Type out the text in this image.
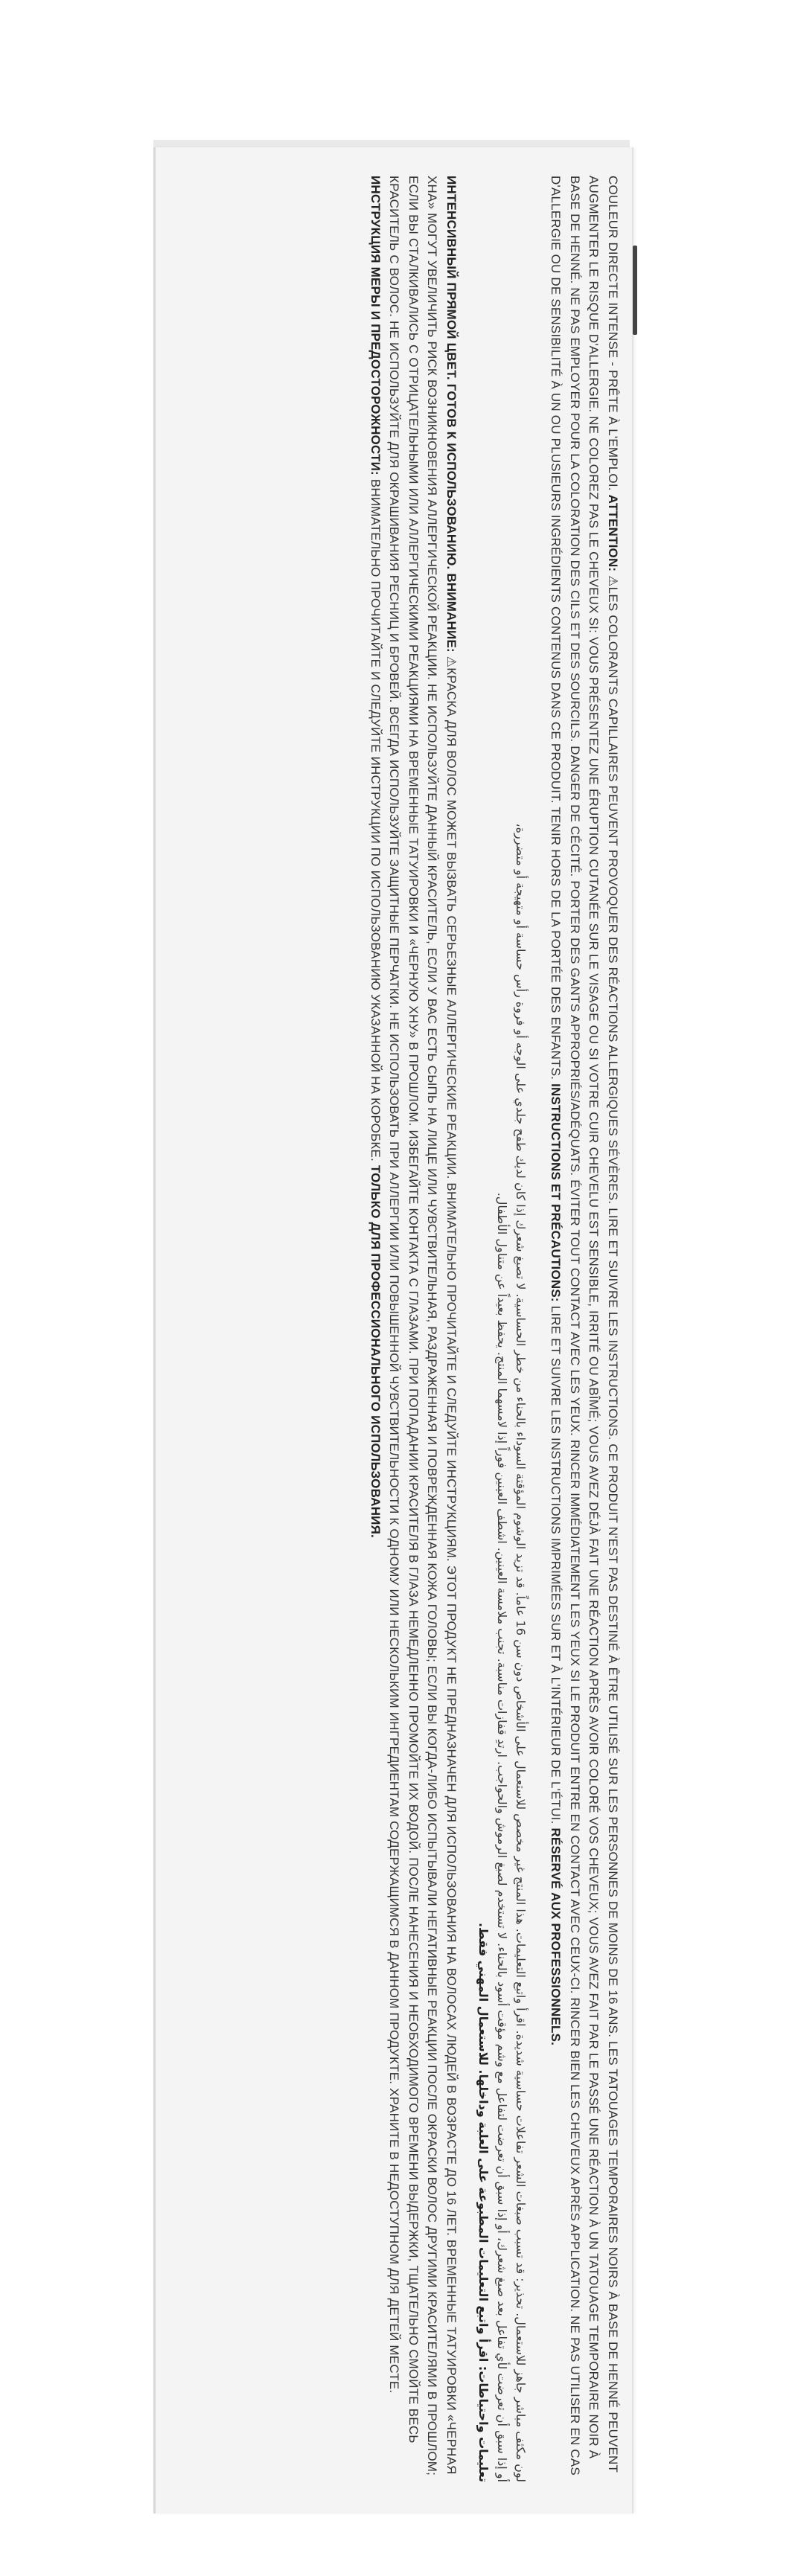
COULEUR DIRECTE INTENSE - PRÊTE À L'EMPLOI. ATTENTION: ⚠LES COLORANTS CAPILLAIRES PEUVENT PROVOQUER DES RÉACTIONS ALLERGIQUES SÉVÈRES. LIRE ET SUIVRE LES INSTRUCTIONS. CE PRODUIT N'EST PAS DESTINÉ À ÊTRE UTILISÉ SUR LES PERSONNES DE MOINS DE 16 ANS. LES TATOUAGES TEMPORAIRES NOIRS À BASE DE HENNÉ PEUVENT AUGMENTER LE RISQUE D'ALLERGIE. NE COLOREZ PAS LE CHEVEUX SI: VOUS PRÉSENTEZ UNE ÉRUPTION CUTANÉE SUR LE VISAGE OU SI VOTRE CUIR CHEVELU EST SENSIBLE, IRRITÉ OU ABÎMÉ; VOUS AVEZ DÉJÀ FAIT UNE RÉACTION APRÈS AVOIR COLORÉ VOS CHEVEUX; VOUS AVEZ FAIT PAR LE PASSÉ UNE RÉACTION À UN TATOUAGE TEMPORAIRE NOIR À BASE DE HENNÉ. NE PAS EMPLOYER POUR LA COLORATION DES CILS ET DES SOURCILS. DANGER DE CÉCITÉ. PORTER DES GANTS APPROPRIÉS/ADÉQUATS. ÉVITER TOUT CONTACT AVEC LES YEUX. RINCER IMMÉDIATEMENT LES YEUX SI LE PRODUIT ENTRE EN CONTACT AVEC CEUX-CI. RINCER BIEN LES CHEVEUX APRÈS APPLICATION. NE PAS UTILISER EN CAS D'ALLERGIE OU DE SENSIBILITÉ À UN OU PLUSIEURS INGRÉDIENTS CONTENUS DANS CE PRODUIT. TENIR HORS DE LA PORTÉE DES ENFANTS. INSTRUCTIONS ET PRÉCAUTIONS: LIRE ET SUIVRE LES INSTRUCTIONS IMPRIMÉES SUR ET À L'INTÉRIEUR DE L'ÉTUI. RÉSERVÉ AUX PROFESSIONNELS.

لون مكثف مباشر جاهز للاستعمال. تحذير: قد تسبب صبغات الشعر تفاعلات حساسية شديدة. اقرأ واتبع التعليمات. هذا المنتج غير مخصص للاستعمال على الأشخاص دون سن 16 عاماً. قد تزيد الوشوم المؤقتة السوداء بالحناء من خطر الحساسية. لا تصبغ شعرك إذا كان لديك طفح جلدي على الوجه أو فروة رأس حساسة أو متهيجة أو متضررة،
أو إذا سبق أن تعرضت لأي تفاعل بعد صبغ شعرك، أو إذا سبق أن تعرضت لتفاعل مع وشم مؤقت أسود بالحناء. لا تستخدم لصبغ الرموش والحواجب. ارتدِ قفازات مناسبة. تجنب ملامسة العينين. اشطف العينين فوراً إذا لامسهما المنتج. يحفظ بعيداً عن متناول الأطفال.
تعليمات واحتياطات: اقرأ واتبع التعليمات المطبوعة على العلبة وداخلها. للاستعمال المهني فقط.

ИНТЕНСИВНЫЙ ПРЯМОЙ ЦВЕТ. ГОТОВ К ИСПОЛЬЗОВАНИЮ. ВНИМАНИЕ: ⚠КРАСКА ДЛЯ ВОЛОС МОЖЕТ ВЫЗВАТЬ СЕРЬЕЗНЫЕ АЛЛЕРГИЧЕСКИЕ РЕАКЦИИ. ВНИМАТЕЛЬНО ПРОЧИТАЙТЕ И СЛЕДУЙТЕ ИНСТРУКЦИЯМ. ЭТОТ ПРОДУКТ НЕ ПРЕДНАЗНАЧЕН ДЛЯ ИСПОЛЬЗОВАНИЯ НА ВОЛОСАХ ЛЮДЕЙ В ВОЗРАСТЕ ДО 16 ЛЕТ. ВРЕМЕННЫЕ ТАТУИРОВКИ «ЧЕРНАЯ ХНА» МОГУТ УВЕЛИЧИТЬ РИСК ВОЗНИКНОВЕНИЯ АЛЛЕРГИЧЕСКОЙ РЕАКЦИИ. НЕ ИСПОЛЬЗУЙТЕ ДАННЫЙ КРАСИТЕЛЬ, ЕСЛИ У ВАС ЕСТЬ СЫПЬ НА ЛИЦЕ ИЛИ ЧУВСТВИТЕЛЬНАЯ, РАЗДРАЖЕННАЯ И ПОВРЕЖДЕННАЯ КОЖА ГОЛОВЫ; ЕСЛИ ВЫ КОГДА-ЛИБО ИСПЫТЫВАЛИ НЕГАТИВНЫЕ РЕАКЦИИ ПОСЛЕ ОКРАСКИ ВОЛОС ДРУГИМИ КРАСИТЕЛЯМИ В ПРОШЛОМ; ЕСЛИ ВЫ СТАЛКИВАЛИСЬ С ОТРИЦАТЕЛЬНЫМИ ИЛИ АЛЛЕРГИЧЕСКИМИ РЕАКЦИЯМИ НА ВРЕМЕННЫЕ ТАТУИРОВКИ И «ЧЕРНУЮ ХНУ» В ПРОШЛОМ. ИЗБЕГАЙТЕ КОНТАКТА С ГЛАЗАМИ. ПРИ ПОПАДАНИИ КРАСИТЕЛЯ В ГЛАЗА НЕМЕДЛЕННО ПРОМОЙТЕ ИХ ВОДОЙ. ПОСЛЕ НАНЕСЕНИЯ И НЕОБХОДИМОГО ВРЕМЕНИ ВЫДЕРЖКИ, ТЩАТЕЛЬНО СМОЙТЕ ВЕСЬ КРАСИТЕЛЬ С ВОЛОС. НЕ ИСПОЛЬЗУЙТЕ ДЛЯ ОКРАШИВАНИЯ РЕСНИЦ И БРОВЕЙ. ВСЕГДА ИСПОЛЬЗУЙТЕ ЗАЩИТНЫЕ ПЕРЧАТКИ. НЕ ИСПОЛЬЗОВАТЬ ПРИ АЛЛЕРГИИ ИЛИ ПОВЫШЕННОЙ ЧУВСТВИТЕЛЬНОСТИ К ОДНОМУ ИЛИ НЕСКОЛЬКИМ ИНГРЕДИЕНТАМ СОДЕРЖАЩИМСЯ В ДАННОМ ПРОДУКТЕ. ХРАНИТЕ В НЕДОСТУПНОМ ДЛЯ ДЕТЕЙ МЕСТЕ. ИНСТРУКЦИЯ МЕРЫ И ПРЕДОСТОРОЖНОСТИ: ВНИМАТЕЛЬНО ПРОЧИТАЙТЕ И СЛЕДУЙТЕ ИНСТРУКЦИИ ПО ИСПОЛЬЗОВАНИЮ УКАЗАННОЙ НА КОРОБКЕ. ТОЛЬКО ДЛЯ ПРОФЕССИОНАЛЬНОГО ИСПОЛЬЗОВАНИЯ.
